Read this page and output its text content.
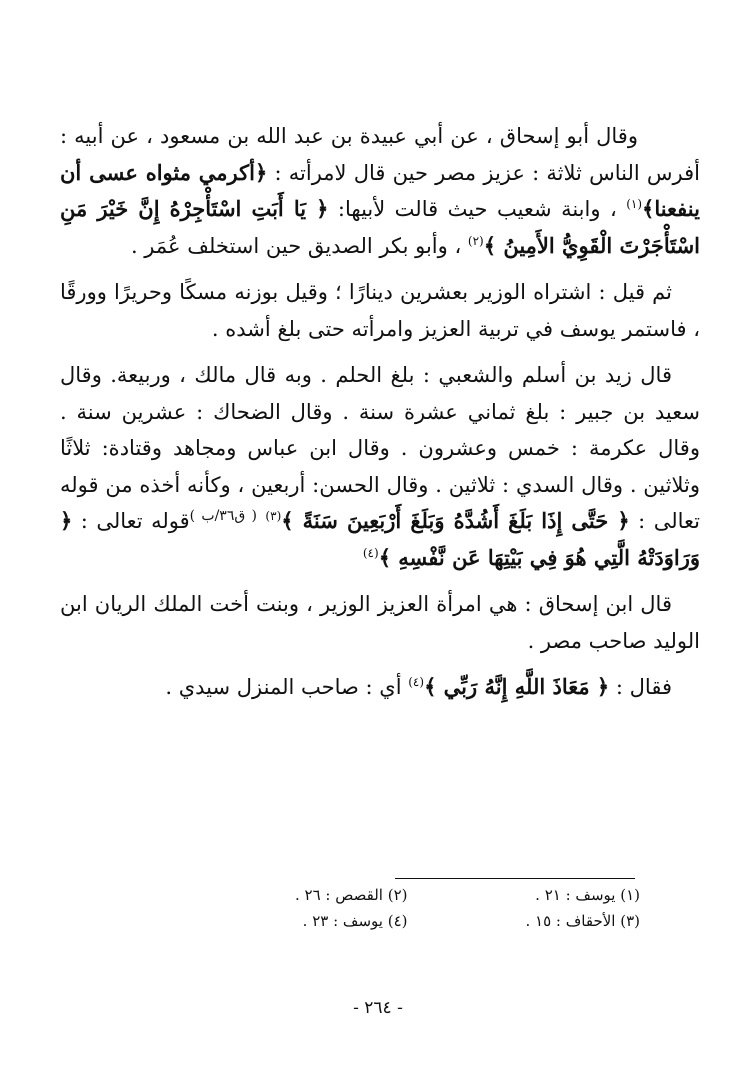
وقال أبو إسحاق ، عن أبي عبيدة بن عبد الله بن مسعود ، عن أبيه : أفرس الناس ثلاثة : عزيز مصر حين قال لامرأته : ﴿أكرمي مثواه عسى أن ينفعنا﴾$^{(١)}$ ، وابنة شعيب حيث قالت لأبيها: ﴿ يَا أَبَتِ اسْتَأْجِرْهُ إِنَّ خَيْرَ مَنِ اسْتَأْجَرْتَ الْقَوِيُّ الأَمِينُ ﴾$^{(٢)}$ ، وأبو بكر الصديق حين استخلف عُمَر .

ثم قيل : اشتراه الوزير بعشرين دينارًا ؛ وقيل بوزنه مسكًا وحريرًا وورقًا ، فاستمر يوسف في تربية العزيز وامرأته حتى بلغ أشده .

قال زيد بن أسلم والشعبي : بلغ الحلم . وبه قال مالك ، وربيعة. وقال سعيد بن جبير : بلغ ثماني عشرة سنة . وقال الضحاك : عشرين سنة . وقال عكرمة : خمس وعشرون . وقال ابن عباس ومجاهد وقتادة: ثلاثًا وثلاثين . وقال السدي : ثلاثين . وقال الحسن: أربعين ، وكأنه أخذه من قوله تعالى : ﴿ حَتَّى إِذَا بَلَغَ أَشُدَّهُ وَبَلَغَ أَرْبَعِينَ سَنَةً ﴾$^{(٣)}$ $^{( ق٣٦/ب )}$قوله تعالى : ﴿ وَرَاوَدَتْهُ الَّتِي هُوَ فِي بَيْتِهَا عَن نَّفْسِهِ ﴾$^{(٤)}$

قال ابن إسحاق : هي امرأة العزيز الوزير ، وبنت أخت الملك الريان ابن الوليد صاحب مصر .

فقال : ﴿ مَعَاذَ اللَّهِ إِنَّهُ رَبِّي ﴾$^{(٤)}$ أي : صاحب المنزل سيدي .

(١) يوسف : ٢١ .
(٢) القصص : ٢٦ .
(٣) الأحقاف : ١٥ .
(٤) يوسف : ٢٣ .
- ٢٦٤ -
